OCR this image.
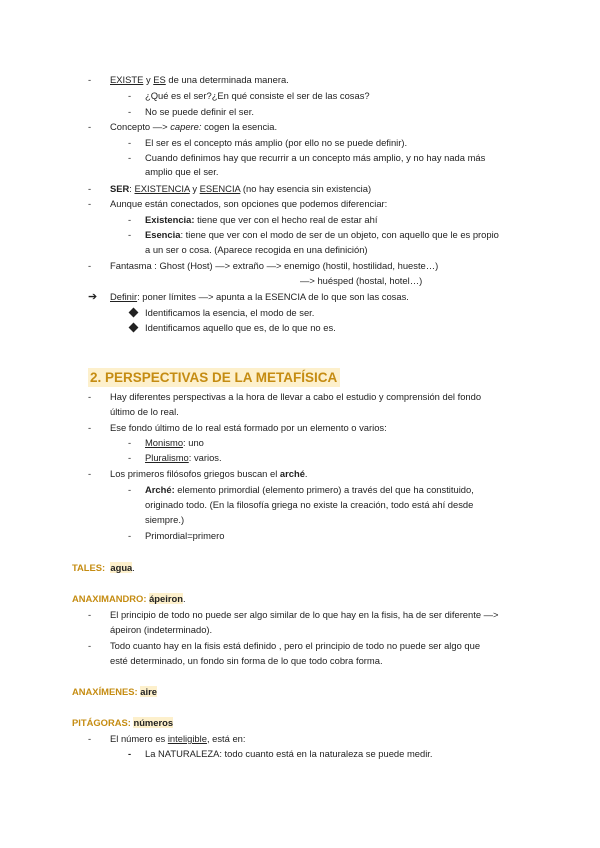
- EXISTE y ES de una determinada manera.
- ¿Qué es el ser?¿En qué consiste el ser de las cosas?
- No se puede definir el ser.
- Concepto —> capere: cogen la esencia.
- El ser es el concepto más amplio (por ello no se puede definir).
- Cuando definimos hay que recurrir a un concepto más amplio, y no hay nada más
amplio que el ser.
- SER: EXISTENCIA y ESENCIA (no hay esencia sin existencia)
- Aunque están conectados, son opciones que podemos diferenciar:
- Existencia: tiene que ver con el hecho real de estar ahí
- Esencia: tiene que ver con el modo de ser de un objeto, con aquello que le es propio
a un ser o cosa. (Aparece recogida en una definición)
- Fantasma : Ghost (Host) —> extraño —> enemigo (hostil, hostilidad, hueste…)
—> huésped (hostal, hotel…)
➔ Definir: poner límites —> apunta a la ESENCIA de lo que son las cosas.
Identificamos la esencia, el modo de ser.
Identificamos aquello que es, de lo que no es.
2. PERSPECTIVAS DE LA METAFÍSICA
- Hay diferentes perspectivas a la hora de llevar a cabo el estudio y comprensión del fondo
último de lo real.
- Ese fondo último de lo real está formado por un elemento o varios:
- Monismo: uno
- Pluralismo: varios.
- Los primeros filósofos griegos buscan el arché.
- Arché: elemento primordial (elemento primero) a través del que ha constituido,
originado todo. (En la filosofía griega no existe la creación, todo está ahí desde
siempre.)
- Primordial=primero
TALES: agua.
ANAXIMANDRO: ápeiron.
- El principio de todo no puede ser algo similar de lo que hay en la fisis, ha de ser diferente —>
ápeiron (indeterminado).
- Todo cuanto hay en la fisis está definido , pero el principio de todo no puede ser algo que
esté determinado, un fondo sin forma de lo que todo cobra forma.
ANAXÍMENES: aire
PITÁGORAS: números
- El número es inteligible, está en:
- La NATURALEZA: todo cuanto está en la naturaleza se puede medir.
